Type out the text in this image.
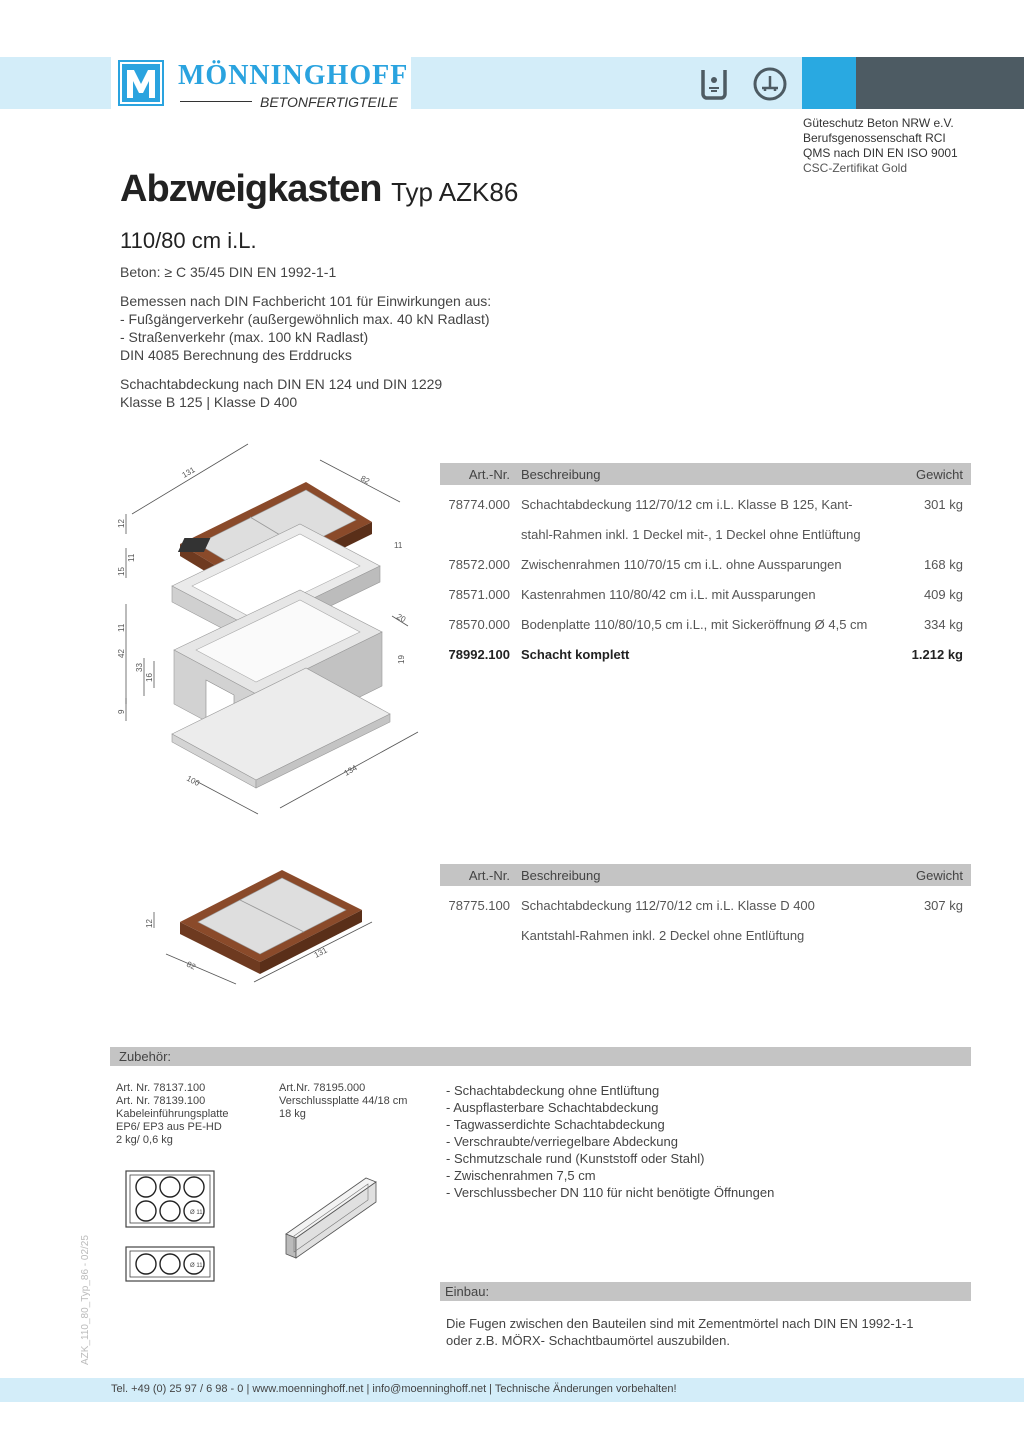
MÖNNINGHOFF
BETONFERTIGTEILE
Güteschutz Beton NRW e.V.
Berufsgenossenschaft RCI
QMS nach DIN EN ISO 9001
CSC-Zertifikat Gold
Abzweigkasten Typ AZK86
110/80 cm i.L.
Beton: ≥ C 35/45 DIN EN 1992-1-1
Bemessen nach DIN Fachbericht 101 für Einwirkungen aus:
- Fußgängerverkehr (außergewöhnlich max. 40 kN Radlast)
- Straßenverkehr (max. 100 kN Radlast)
DIN 4085 Berechnung des Erddrucks
Schachtabdeckung nach DIN EN 124 und DIN 1229
Klasse B 125 | Klasse D 400
131
82
12
15
11
11
11
42
33
16
20
19
9
100
134
Art.-Nr. Beschreibung	Gewicht
78774.000 Schachtabdeckung 112/70/12 cm i.L. Klasse B 125, Kant-	301 kg
stahl-Rahmen inkl. 1 Deckel mit-, 1 Deckel ohne Entlüftung
78572.000 Zwischenrahmen 110/70/15 cm i.L. ohne Aussparungen	168 kg
78571.000 Kastenrahmen 110/80/42 cm i.L. mit Aussparungen	409 kg
78570.000 Bodenplatte 110/80/10,5 cm i.L., mit Sickeröffnung Ø 4,5 cm	334 kg
78992.100 Schacht komplett	1.212 kg
12
82
131
Art.-Nr. Beschreibung	Gewicht
78775.100 Schachtabdeckung 112/70/12 cm i.L. Klasse D 400	307 kg
Kantstahl-Rahmen inkl. 2 Deckel ohne Entlüftung
Zubehör:
Art. Nr. 78137.100
Art. Nr. 78139.100
Kabeleinführungsplatte
EP6/ EP3 aus PE-HD
2 kg/ 0,6 kg
Art.Nr. 78195.000
Verschlussplatte 44/18 cm
18 kg
Ø 11
Ø 11
- Schachtabdeckung ohne Entlüftung
- Auspflasterbare Schachtabdeckung
- Tagwasserdichte Schachtabdeckung
- Verschraubte/verriegelbare Abdeckung
- Schmutzschale rund (Kunststoff oder Stahl)
- Zwischenrahmen 7,5 cm
- Verschlussbecher DN 110 für nicht benötigte Öffnungen
Einbau:
Die Fugen zwischen den Bauteilen sind mit Zementmörtel nach DIN EN 1992-1-1
oder z.B. MÖRX- Schachtbaumörtel auszubilden.
AZK_110_80_Typ_86 - 02/25
Tel. +49 (0) 25 97 / 6 98 - 0 | www.moenninghoff.net | info@moenninghoff.net | Technische Änderungen vorbehalten!
